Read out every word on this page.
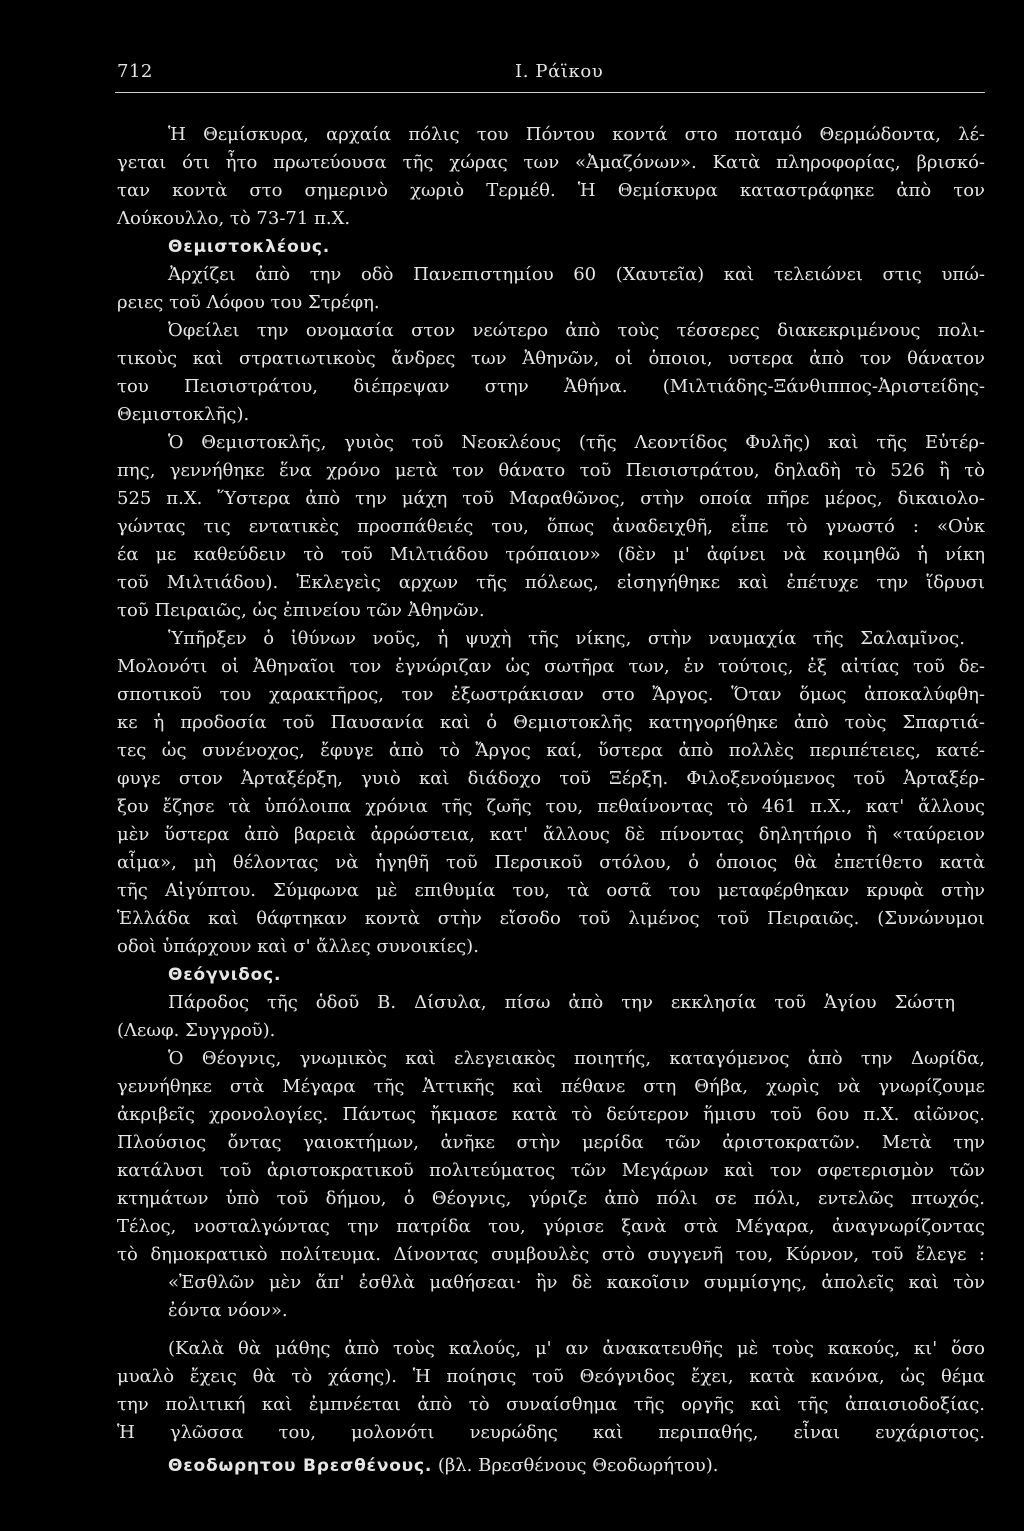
712	Ι. Ράϊκου
Ἡ Θεμίσκυρα, αρχαία πόλις του Πόντου κοντά στο ποταμό Θερμώδοντα, λέ-
γεται ότι ἦτο πρωτεύουσα τῆς χώρας των «Ἀμαζόνων». Κατὰ πληροφορίας, βρισκό-
ταν κοντὰ στο σημερινὸ χωριὸ Τερμέθ. Ἡ Θεμίσκυρα καταστράφηκε ἀπὸ τον
Λούκουλλο, τὸ 73-71 π.Χ.
Θεμιστοκλέους.
Ἀρχίζει ἀπὸ την οδὸ Πανεπιστημίου 60 (Χαυτεῖα) καὶ τελειώνει στις υπώ-
ρειες τοῦ Λόφου του Στρέφη.
Ὀφείλει την ονομασία στον νεώτερο ἀπὸ τοὺς τέσσερες διακεκριμένους πολι-
τικοὺς καὶ στρατιωτικοὺς ἄνδρες των Ἀθηνῶν, οἱ ὁποιοι, υστερα ἀπὸ τον θάνατον
του Πεισιστράτου, διέπρεψαν στην Ἀθήνα. (Μιλτιάδης-Ξάνθιππος-Ἀριστείδης-
Θεμιστοκλῆς).
Ὁ Θεμιστοκλῆς, γυιὸς τοῦ Νεοκλέους (τῆς Λεοντίδος Φυλῆς) καὶ τῆς Εὐτέρ-
πης, γεννήθηκε ἕνα χρόνο μετὰ τον θάνατο τοῦ Πεισιστράτου, δηλαδὴ τὸ 526 ἢ τὸ
525 π.Χ. Ὕστερα ἀπὸ την μάχη τοῦ Μαραθῶνος, στὴν οποία πῆρε μέρος, δικαιολο-
γώντας τις εντατικὲς προσπάθειές του, ὅπως ἀναδειχθῆ, εἶπε τὸ γνωστό : «Οὐκ
έα με καθεύδειν τὸ τοῦ Μιλτιάδου τρόπαιον» (δὲν μ' ἀφίνει νὰ κοιμηθῶ ἡ νίκη
τοῦ Μιλτιάδου). Ἐκλεγεὶς αρχων τῆς πόλεως, εἰσηγήθηκε καὶ ἐπέτυχε την ἵδρυσι
τοῦ Πειραιῶς, ὡς ἐπινείου τῶν Ἀθηνῶν.
Ὑπῆρξεν ὁ ἰθύνων νοῦς, ἡ ψυχὴ τῆς νίκης, στὴν ναυμαχία τῆς Σαλαμῖνος.
Μολονότι οἱ Ἀθηναῖοι τον ἐγνώριζαν ὡς σωτῆρα των, ἐν τούτοις, ἐξ αἰτίας τοῦ δε-
σποτικοῦ του χαρακτῆρος, τον ἐξωστράκισαν στο Ἄργος. Ὅταν ὅμως ἀποκαλύφθη-
κε ἡ προδοσία τοῦ Παυσανία καὶ ὁ Θεμιστοκλῆς κατηγορήθηκε ἀπὸ τοὺς Σπαρτιά-
τες ὡς συνένοχος, ἔφυγε ἀπὸ τὸ Ἄργος καί, ὕστερα ἀπὸ πολλὲς περιπέτειες, κατέ-
φυγε στον Ἀρταξέρξη, γυιὸ καὶ διάδοχο τοῦ Ξέρξη. Φιλοξενούμενος τοῦ Ἀρταξέρ-
ξου ἔζησε τὰ ὑπόλοιπα χρόνια τῆς ζωῆς του, πεθαίνοντας τὸ 461 π.Χ., κατ' ἄλλους
μὲν ὕστερα ἀπὸ βαρειὰ ἀρρώστεια, κατ' ἄλλους δὲ πίνοντας δηλητήριο ἢ «ταύρειον
αἷμα», μὴ θέλοντας νὰ ἡγηθῆ τοῦ Περσικοῦ στόλου, ὁ ὁποιος θὰ ἐπετίθετο κατὰ
τῆς Αἰγύπτου. Σύμφωνα μὲ επιθυμία του, τὰ οστᾶ του μεταφέρθηκαν κρυφὰ στὴν
Ἑλλάδα καὶ θάφτηκαν κοντὰ στὴν εἴσοδο τοῦ λιμένος τοῦ Πειραιῶς. (Συνώνυμοι
οδοὶ ὑπάρχουν καὶ σ' ἄλλες συνοικίες).
Θεόγνιδος.
Πάροδος τῆς ὁδοῦ Β. Δίσυλα, πίσω ἀπὸ την εκκλησία τοῦ Ἁγίου Σώστη
(Λεωφ. Συγγροῦ).
Ὁ Θέογνις, γνωμικὸς καὶ ελεγειακὸς ποιητής, καταγόμενος ἀπὸ την Δωρίδα,
γεννήθηκε στὰ Μέγαρα τῆς Ἀττικῆς καὶ πέθανε στη Θήβα, χωρὶς νὰ γνωρίζουμε
ἀκριβεῖς χρονολογίες. Πάντως ἤκμασε κατὰ τὸ δεύτερον ἥμισυ τοῦ 6ου π.Χ. αἰῶνος.
Πλούσιος ὄντας γαιοκτήμων, ἀνῆκε στὴν μερίδα τῶν ἀριστοκρατῶν. Μετὰ την
κατάλυσι τοῦ ἀριστοκρατικοῦ πολιτεύματος τῶν Μεγάρων καὶ τον σφετερισμὸν τῶν
κτημάτων ὑπὸ τοῦ δήμου, ὁ Θέογνις, γύριζε ἀπὸ πόλι σε πόλι, εντελῶς πτωχός.
Τέλος, νοσταλγώντας την πατρίδα του, γύρισε ξανὰ στὰ Μέγαρα, ἀναγνωρίζοντας
τὸ δημοκρατικὸ πολίτευμα. Δίνοντας συμβουλὲς στὸ συγγενῆ του, Κύρνον, τοῦ ἔλεγε :
«Ἐσθλῶν μὲν ἄπ' ἐσθλὰ μαθήσεαι· ἢν δὲ κακοῖσιν συμμίσγης, ἀπολεῖς καὶ τὸν
ἐόντα νόον».
(Καλὰ θὰ μάθης ἀπὸ τοὺς καλούς, μ' αν ἀνακατευθῆς μὲ τοὺς κακούς, κι' ὅσο
μυαλὸ ἔχεις θὰ τὸ χάσης). Ἡ ποίησις τοῦ Θεόγνιδος ἔχει, κατὰ κανόνα, ὡς θέμα
την πολιτική καὶ ἐμπνέεται ἀπὸ τὸ συναίσθημα τῆς οργῆς καὶ τῆς ἀπαισιοδοξίας.
Ἡ γλῶσσα του, μολονότι νευρώδης καὶ περιπαθής, εἶναι ευχάριστος.
Θεοδωρητου Βρεσθένους. (βλ. Βρεσθένους Θεοδωρήτου).
